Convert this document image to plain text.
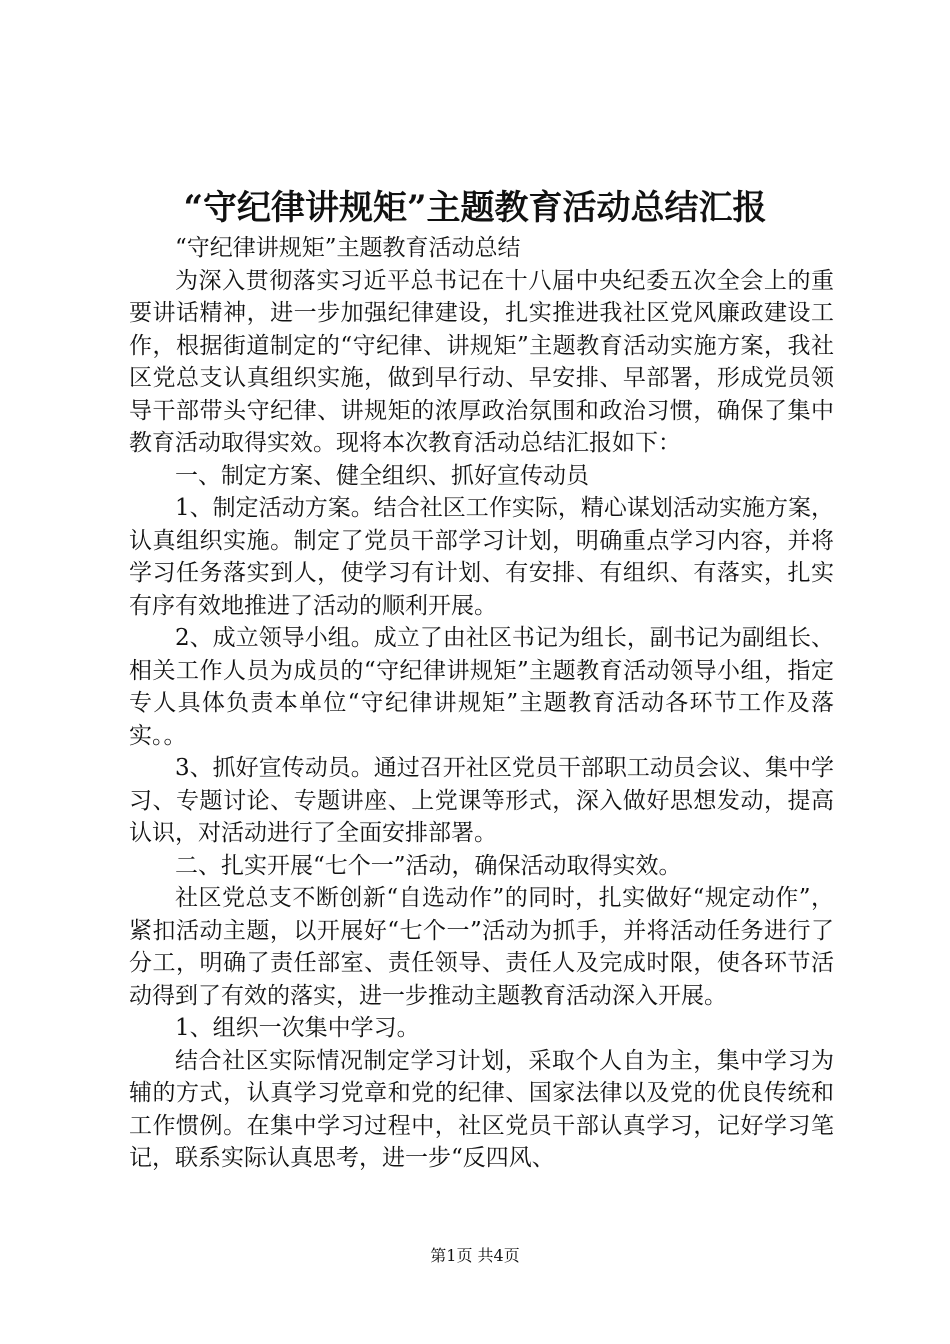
“守纪律讲规矩”主题教育活动总结汇报

“守纪律讲规矩”主题教育活动总结

为深入贯彻落实习近平总书记在十八届中央纪委五次全会上的重要讲话精神，进一步加强纪律建设，扎实推进我社区党风廉政建设工作，根据街道制定的“守纪律、讲规矩”主题教育活动实施方案，我社区党总支认真组织实施，做到早行动、早安排、早部署，形成党员领导干部带头守纪律、讲规矩的浓厚政治氛围和政治习惯，确保了集中教育活动取得实效。现将本次教育活动总结汇报如下：

一、制定方案、健全组织、抓好宣传动员

1、制定活动方案。结合社区工作实际，精心谋划活动实施方案，认真组织实施。制定了党员干部学习计划，明确重点学习内容，并将学习任务落实到人，使学习有计划、有安排、有组织、有落实，扎实有序有效地推进了活动的顺利开展。

2、成立领导小组。成立了由社区书记为组长，副书记为副组长、相关工作人员为成员的“守纪律讲规矩”主题教育活动领导小组，指定专人具体负责本单位“守纪律讲规矩”主题教育活动各环节工作及落实。。

3、抓好宣传动员。通过召开社区党员干部职工动员会议、集中学习、专题讨论、专题讲座、上党课等形式，深入做好思想发动，提高认识，对活动进行了全面安排部署。

二、扎实开展“七个一”活动，确保活动取得实效。

社区党总支不断创新“自选动作”的同时，扎实做好“规定动作”，紧扣活动主题，以开展好“七个一”活动为抓手，并将活动任务进行了分工，明确了责任部室、责任领导、责任人及完成时限，使各环节活动得到了有效的落实，进一步推动主题教育活动深入开展。

1、组织一次集中学习。

结合社区实际情况制定学习计划，采取个人自为主，集中学习为辅的方式，认真学习党章和党的纪律、国家法律以及党的优良传统和工作惯例。在集中学习过程中，社区党员干部认真学习，记好学习笔记，联系实际认真思考，进一步“反四风、

第1页 共4页
